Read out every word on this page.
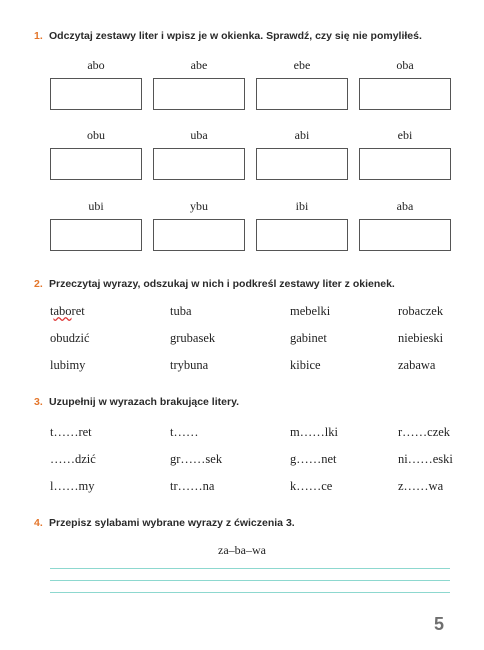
1. Odczytaj zestawy liter i wpisz je w okienka. Sprawdź, czy się nie pomyliłeś.
abo	abe	ebe	oba
obu	uba	abi	ebi
ubi	ybu	ibi	aba
2. Przeczytaj wyrazy, odszukaj w nich i podkreśl zestawy liter z okienek.
taboret	tuba	mebelki	robaczek
obudzić	grubasek	gabinet	niebieski
lubimy	trybuna	kibice	zabawa
3. Uzupełnij w wyrazach brakujące litery.
t……ret	t……	m……lki	r……czek
……dzić	gr……sek	g……net	ni……eski
l……my	tr……na	k……ce	z……wa
4. Przepisz sylabami wybrane wyrazy z ćwiczenia 3.
za–ba–wa
5
